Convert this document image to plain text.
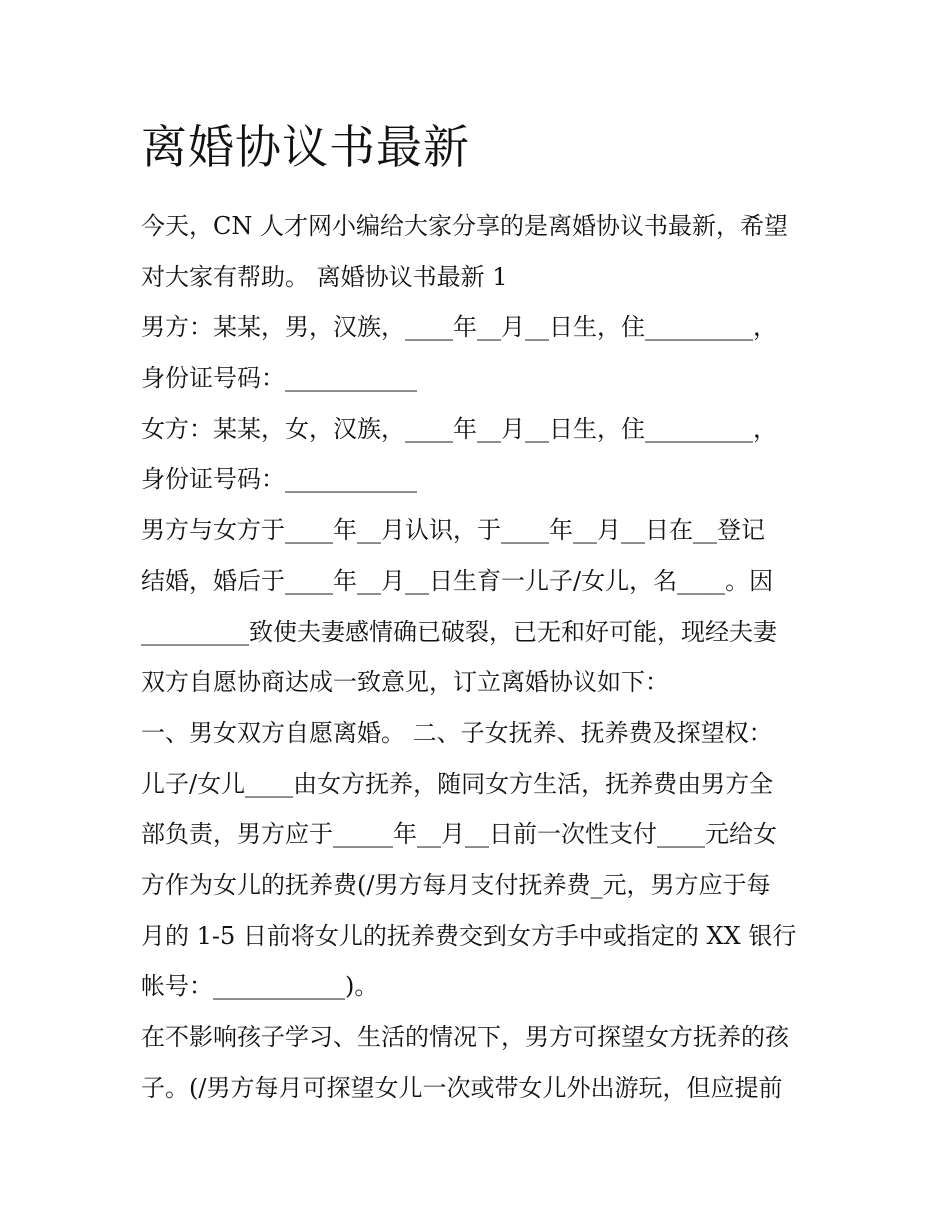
离婚协议书最新
今天，CN 人才网小编给大家分享的是离婚协议书最新，希望
对大家有帮助。 离婚协议书最新 1
男方：某某，男，汉族，____年__月__日生，住_________，
身份证号码：___________
女方：某某，女，汉族，____年__月__日生，住_________，
身份证号码：___________
男方与女方于____年__月认识，于____年__月__日在__登记
结婚，婚后于____年__月__日生育一儿子/女儿，名____。因
_________致使夫妻感情确已破裂，已无和好可能，现经夫妻
双方自愿协商达成一致意见，订立离婚协议如下：
一、男女双方自愿离婚。 二、子女抚养、抚养费及探望权：
儿子/女儿____由女方抚养，随同女方生活，抚养费由男方全
部负责，男方应于_____年__月__日前一次性支付____元给女
方作为女儿的抚养费(/男方每月支付抚养费_元，男方应于每
月的 1-5 日前将女儿的抚养费交到女方手中或指定的 XX 银行
帐号：___________)。
在不影响孩子学习、生活的情况下，男方可探望女方抚养的孩
子。(/男方每月可探望女儿一次或带女儿外出游玩，但应提前
